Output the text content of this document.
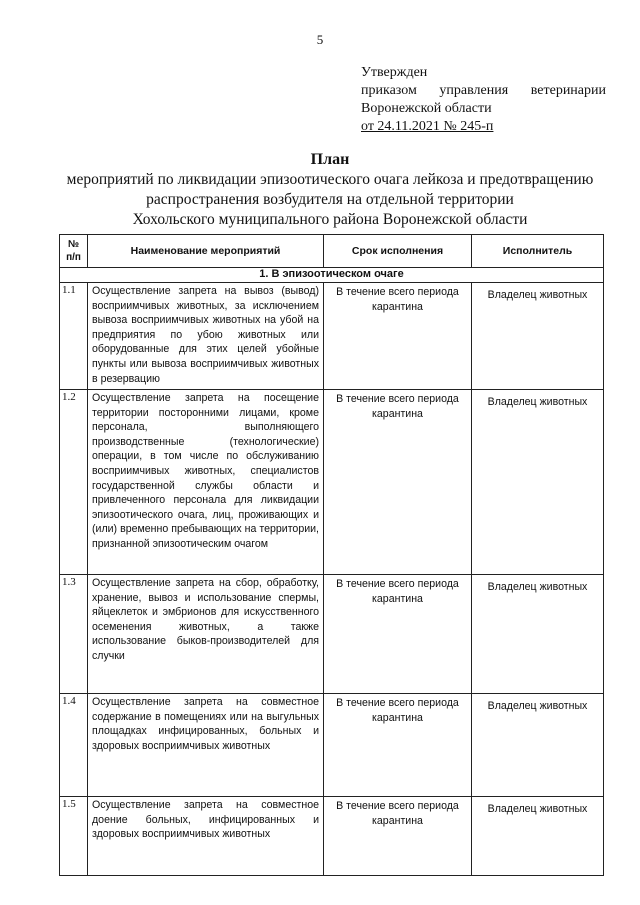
5
Утвержден
приказом управления ветеринарии
Воронежской области
от 24.11.2021 № 245-п
План
мероприятий по ликвидации эпизоотического очага лейкоза и предотвращению
распространения возбудителя на отдельной территории
Хохольского муниципального района Воронежской области
№ п/п	Наименование мероприятий	Срок исполнения	Исполнитель
1. В эпизоотическом очаге			
1.1	Осуществление запрета на вывоз (вывод) восприимчивых животных, за исключением вывоза восприимчивых животных на убой на предприятия по убою животных или оборудованные для этих целей убойные пункты или вывоза восприимчивых животных в резервацию	В течение всего периода карантина	Владелец животных
1.2	Осуществление запрета на посещение территории посторонними лицами, кроме персонала, выполняющего производственные (технологические) операции, в том числе по обслуживанию восприимчивых животных, специалистов государственной службы области и привлеченного персонала для ликвидации эпизоотического очага, лиц, проживающих и (или) временно пребывающих на территории, признанной эпизоотическим очагом	В течение всего периода карантина	Владелец животных
1.3	Осуществление запрета на сбор, обработку, хранение, вывоз и использование спермы, яйцеклеток и эмбрионов для искусственного осеменения животных, а также использование быков-производителей для случки	В течение всего периода карантина	Владелец животных
1.4	Осуществление запрета на совместное содержание в помещениях или на выгульных площадках инфицированных, больных и здоровых восприимчивых животных	В течение всего периода карантина	Владелец животных
1.5	Осуществление запрета на совместное доение больных, инфицированных и здоровых восприимчивых животных	В течение всего периода карантина	Владелец животных
